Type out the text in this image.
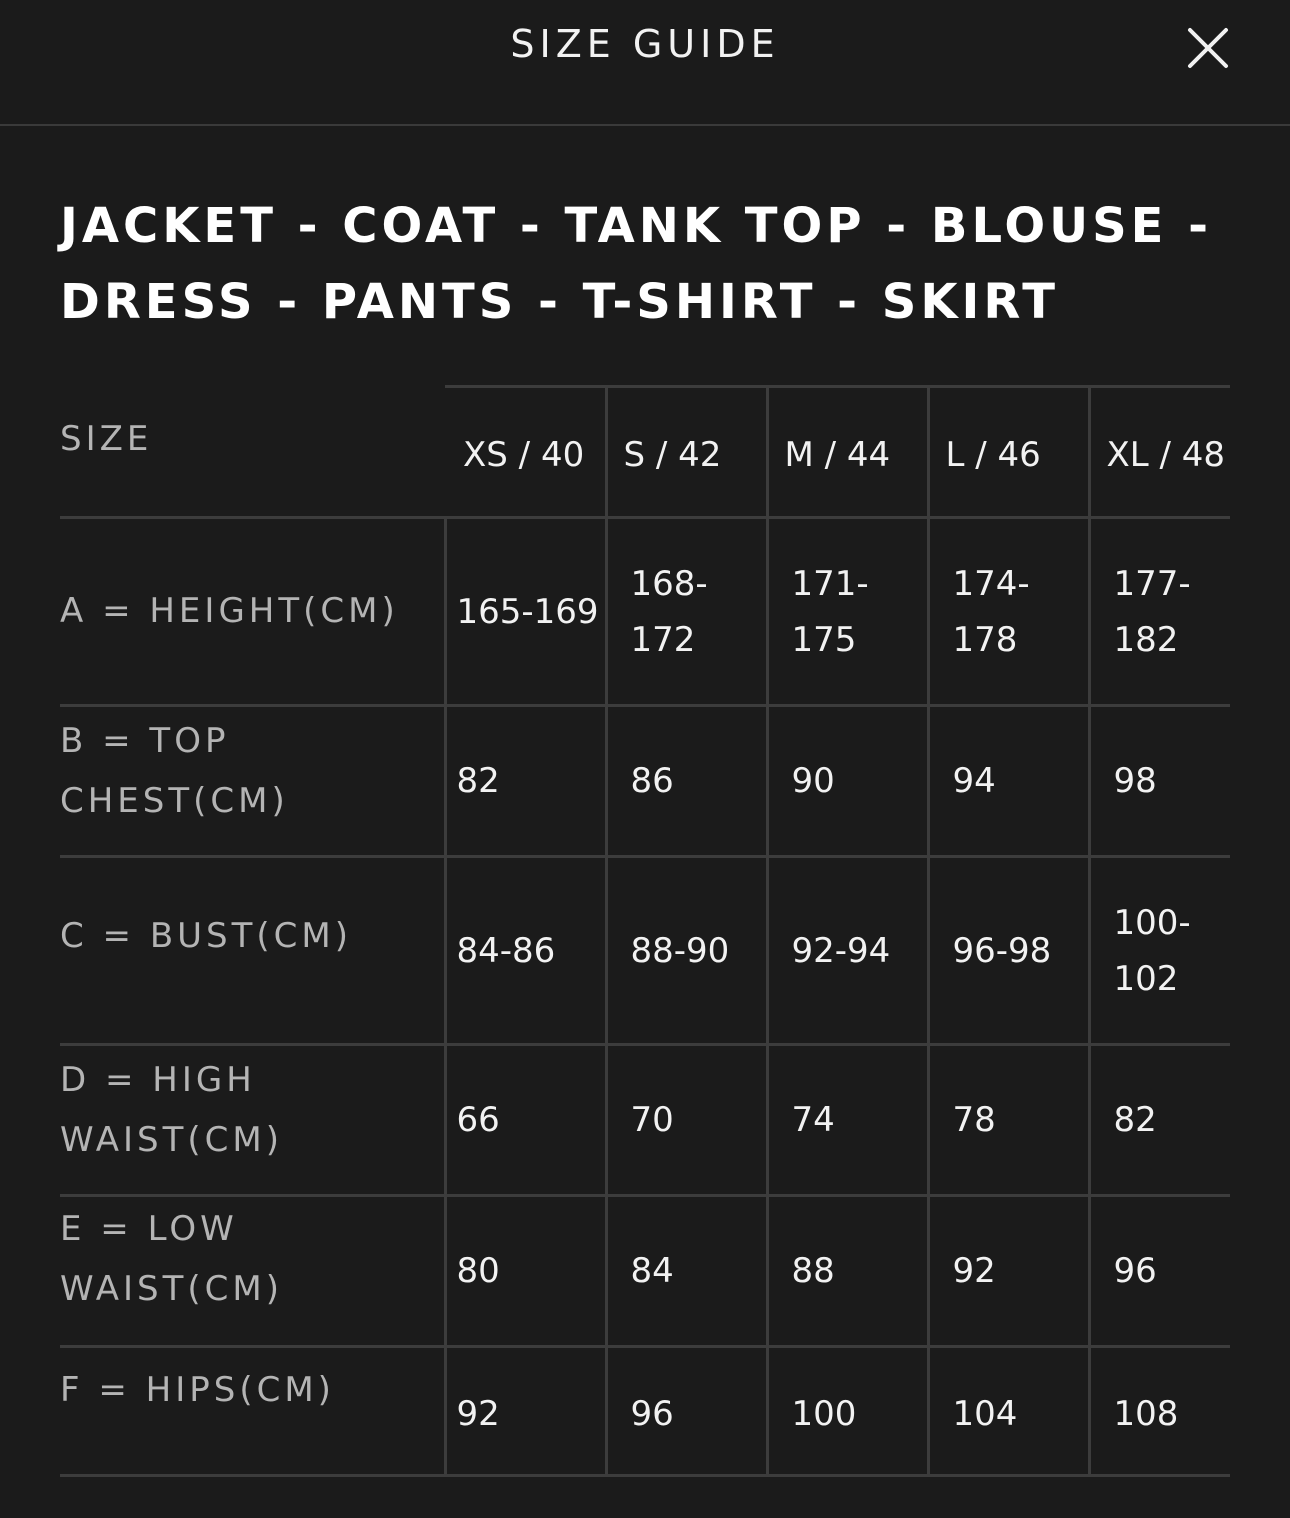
SIZE GUIDE
JACKET - COAT - TANK TOP - BLOUSE - DRESS - PANTS - T-SHIRT - SKIRT
SIZE	XS / 40	S / 42	M / 44	L / 46	XL / 48
A = HEIGHT(CM)	165-169	168-172	171-175	174-178	177-182
B = TOP CHEST(CM)	82	86	90	94	98
C = BUST(CM)	84-86	88-90	92-94	96-98	100-102
D = HIGH WAIST(CM)	66	70	74	78	82
E = LOW WAIST(CM)	80	84	88	92	96
F = HIPS(CM)	92	96	100	104	108
